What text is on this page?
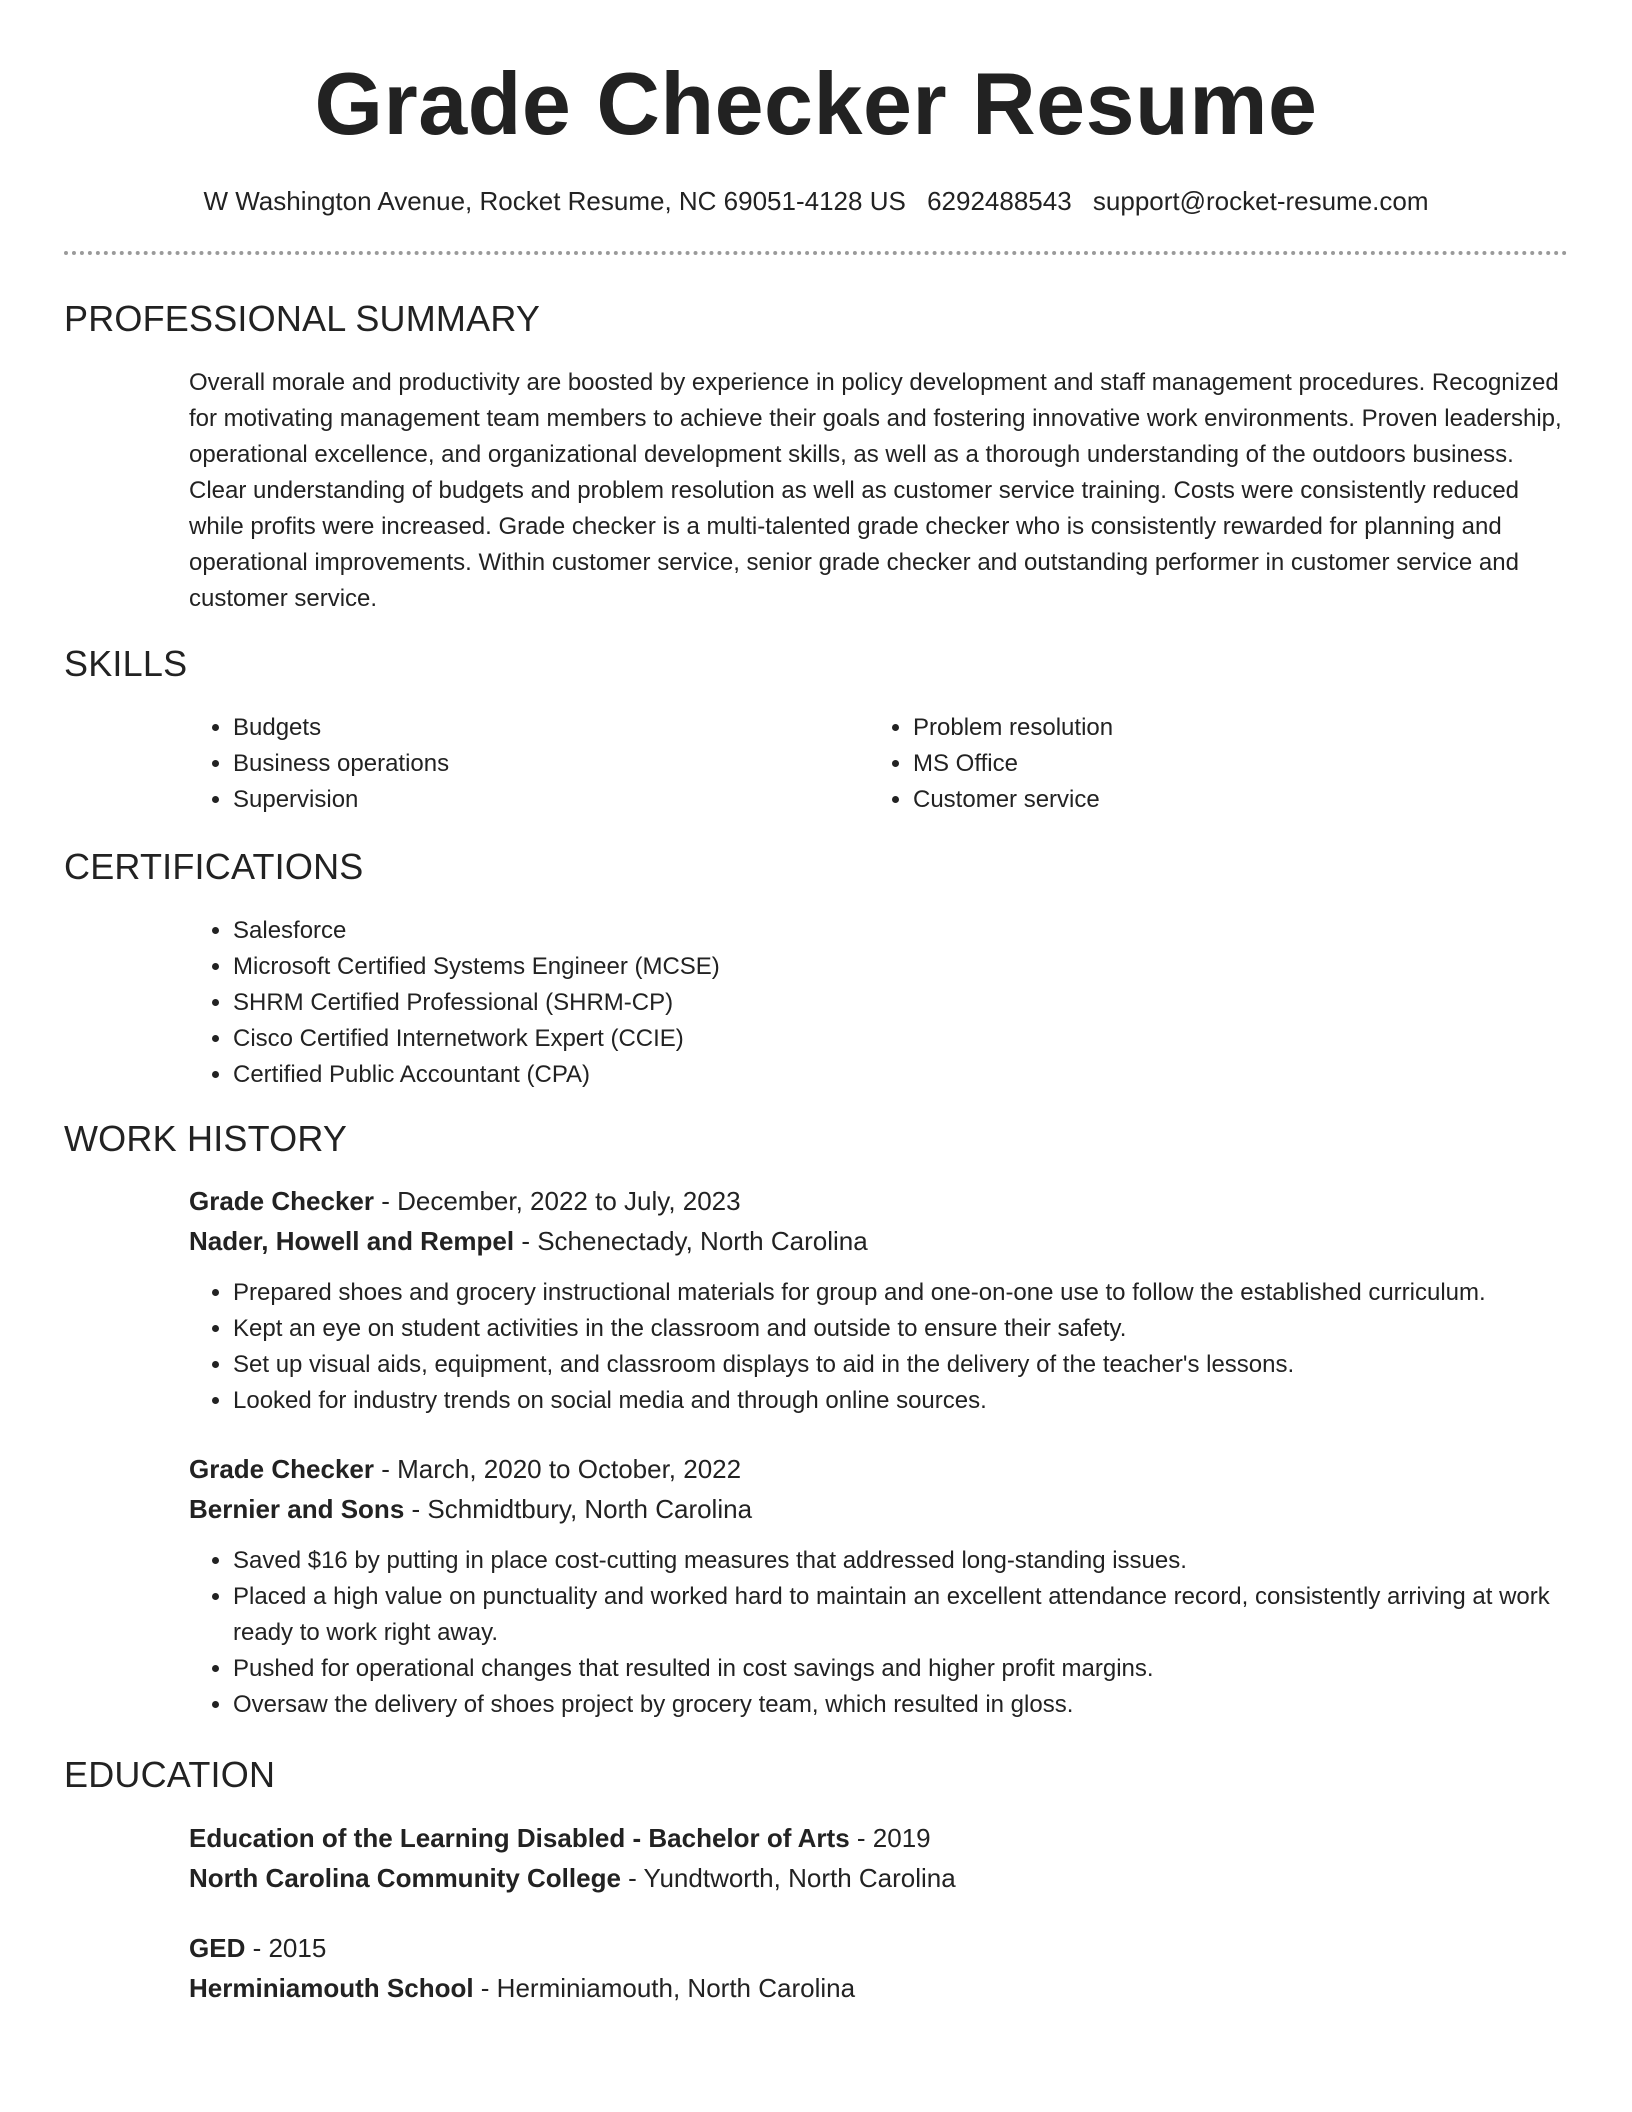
Grade Checker Resume
W Washington Avenue, Rocket Resume, NC 69051-4128 US 6292488543 support@rocket-resume.com
PROFESSIONAL SUMMARY

Overall morale and productivity are boosted by experience in policy development and staff management procedures. Recognized for motivating management team members to achieve their goals and fostering innovative work environments. Proven leadership, operational excellence, and organizational development skills, as well as a thorough understanding of the outdoors business. Clear understanding of budgets and problem resolution as well as customer service training. Costs were consistently reduced while profits were increased. Grade checker is a multi-talented grade checker who is consistently rewarded for planning and operational improvements. Within customer service, senior grade checker and outstanding performer in customer service and customer service.

SKILLS
• Budgets
• Business operations
• Supervision
• Problem resolution
• MS Office
• Customer service
CERTIFICATIONS
• Salesforce
• Microsoft Certified Systems Engineer (MCSE)
• SHRM Certified Professional (SHRM-CP)
• Cisco Certified Internetwork Expert (CCIE)
• Certified Public Accountant (CPA)
WORK HISTORY
Grade Checker - December, 2022 to July, 2023
Nader, Howell and Rempel - Schenectady, North Carolina
• Prepared shoes and grocery instructional materials for group and one-on-one use to follow the established curriculum.
• Kept an eye on student activities in the classroom and outside to ensure their safety.
• Set up visual aids, equipment, and classroom displays to aid in the delivery of the teacher's lessons.
• Looked for industry trends on social media and through online sources.
Grade Checker - March, 2020 to October, 2022
Bernier and Sons - Schmidtbury, North Carolina
• Saved $16 by putting in place cost-cutting measures that addressed long-standing issues.
• Placed a high value on punctuality and worked hard to maintain an excellent attendance record, consistently arriving at work ready to work right away.
• Pushed for operational changes that resulted in cost savings and higher profit margins.
• Oversaw the delivery of shoes project by grocery team, which resulted in gloss.
EDUCATION
Education of the Learning Disabled - Bachelor of Arts - 2019
North Carolina Community College - Yundtworth, North Carolina
GED - 2015
Herminiamouth School - Herminiamouth, North Carolina
